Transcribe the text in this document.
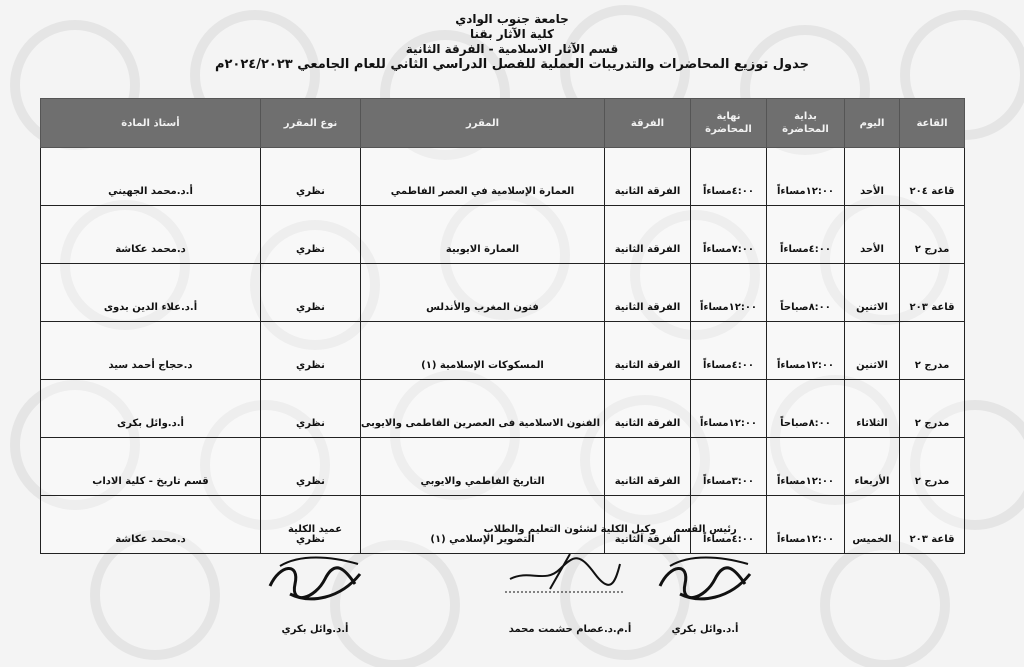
جامعة جنوب الوادي
كلية الآثار بقنا
قسم الآثار الاسلامية - الفرقة الثانية
جدول توزيع المحاضرات والتدريبات العملية للفصل الدراسي الثاني للعام الجامعي ٢٠٢٤/٢٠٢٣م
القاعة	اليوم	بداية المحاضرة	نهاية المحاضرة	الفرقة	المقرر	نوع المقرر	أستاذ المادة
قاعة ٢٠٤	الأحد	١٢:٠٠مساءاً	٤:٠٠مساءاً	الفرقة الثانية	العمارة الإسلامية في العصر الفاطمي	نظري	أ.د.محمد الجهيني
مدرج ٢	الأحد	٤:٠٠مساءاً	٧:٠٠مساءاً	الفرقة الثانية	العمارة الايوبية	نظري	د.محمد عكاشة
قاعة ٢٠٣	الاثنين	٨:٠٠صباحاً	١٢:٠٠مساءاً	الفرقة الثانية	فنون المغرب والأندلس	نظري	أ.د.علاء الدين بدوى
مدرج ٢	الاثنين	١٢:٠٠مساءاً	٤:٠٠مساءاً	الفرقة الثانية	المسكوكات الإسلامية (١)	نظري	د.حجاج أحمد سيد
مدرج ٢	الثلاثاء	٨:٠٠صباحاً	١٢:٠٠مساءاً	الفرقة الثانية	الفنون الاسلامية فى العصرين الفاطمى والايوبى	نظري	أ.د.وائل بكرى
مدرج ٢	الأربعاء	١٢:٠٠مساءاً	٣:٠٠مساءاً	الفرقة الثانية	التاريخ الفاطمي والايوبي	نظري	قسم تاريخ - كلية الاداب
قاعة ٢٠٣	الخميس	١٢:٠٠مساءاً	٤:٠٠مساءاً	الفرقة الثانية	التصوير الإسلامي (١)	نظري	د.محمد عكاشة
رئيس القسم
أ.د.وائل بكري
وكيل الكلية لشئون التعليم والطلاب
أ.م.د.عصام حشمت محمد
عميد الكلية
أ.د.وائل بكري
